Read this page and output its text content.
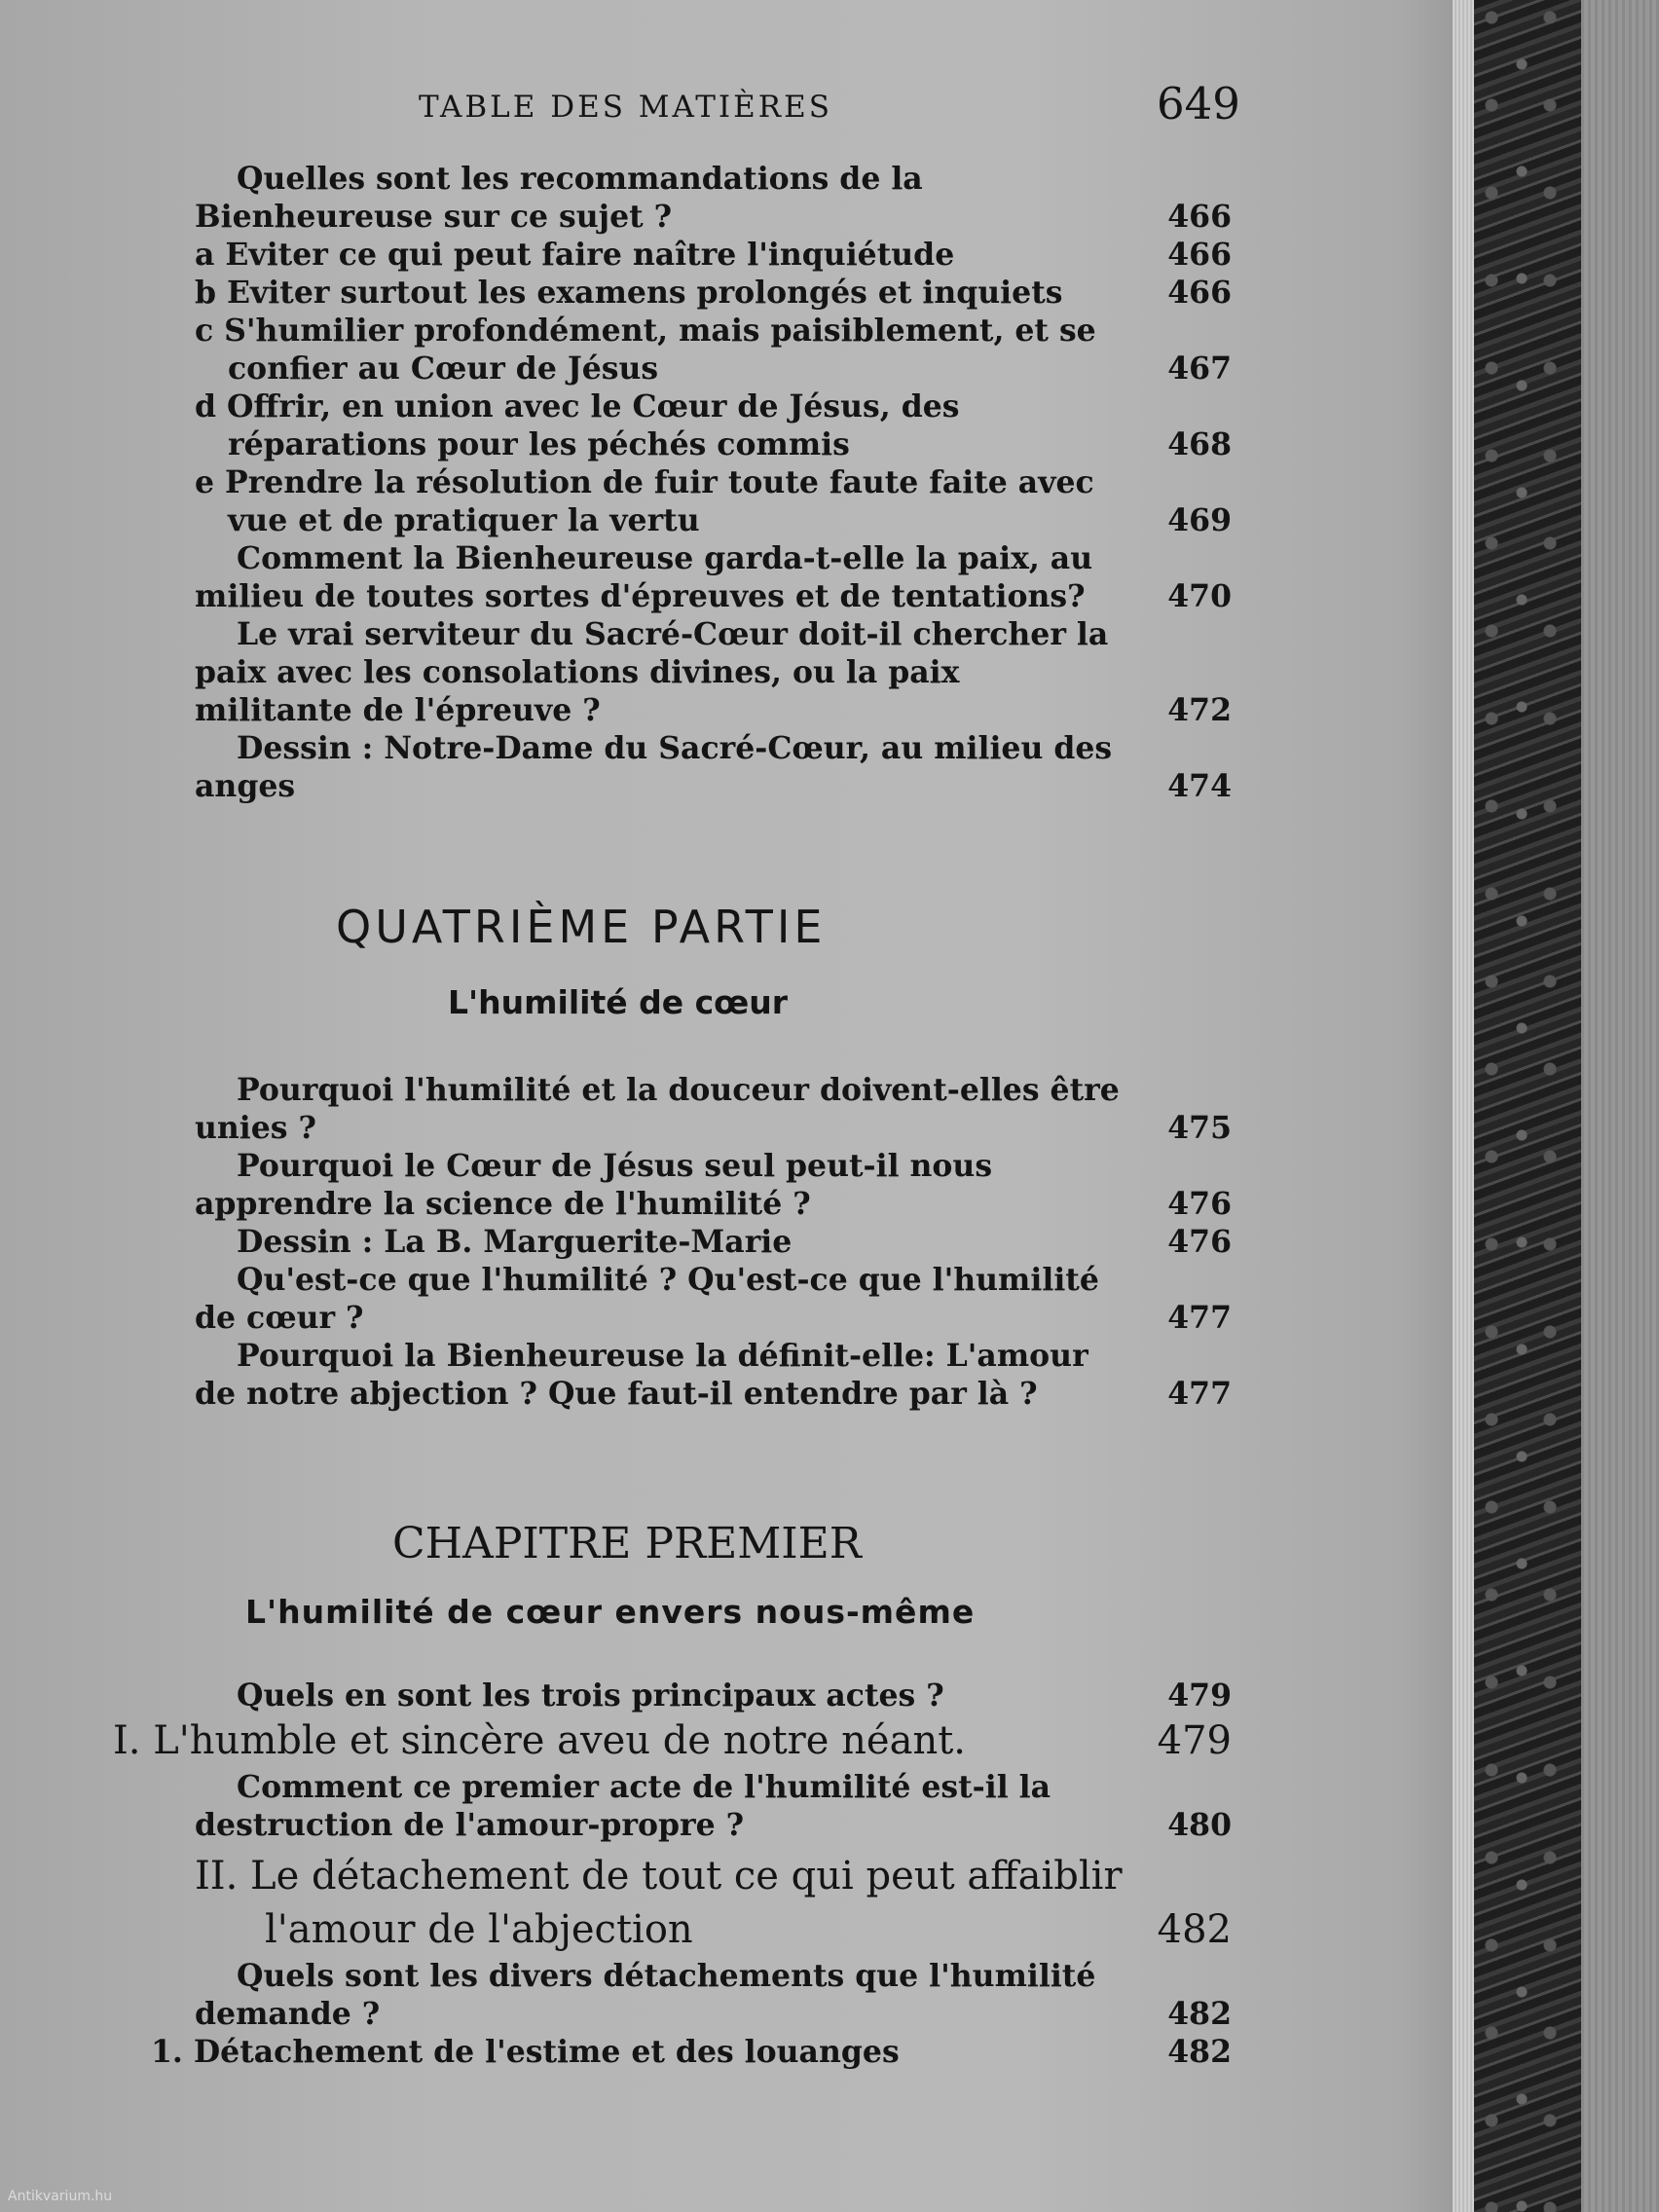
TABLE DES MATIÈRES	649
Quelles sont les recommandations de la Bienheureuse sur ce sujet ?	466
a Eviter ce qui peut faire naître l'inquiétude	466
b Eviter surtout les examens prolongés et inquiets	466
c S'humilier profondément, mais paisiblement, et se confier au Cœur de Jésus	467
d Offrir, en union avec le Cœur de Jésus, des réparations pour les péchés commis	468
e Prendre la résolution de fuir toute faute faite avec vue et de pratiquer la vertu	469
Comment la Bienheureuse garda-t-elle la paix, au milieu de toutes sortes d'épreuves et de tentations?	470
Le vrai serviteur du Sacré-Cœur doit-il chercher la paix avec les consolations divines, ou la paix militante de l'épreuve ?	472
Dessin : Notre-Dame du Sacré-Cœur, au milieu des anges	474
QUATRIÈME PARTIE
L'humilité de cœur
Pourquoi l'humilité et la douceur doivent-elles être unies ?	475
Pourquoi le Cœur de Jésus seul peut-il nous apprendre la science de l'humilité ?	476
Dessin : La B. Marguerite-Marie	476
Qu'est-ce que l'humilité ? Qu'est-ce que l'humilité de cœur ?	477
Pourquoi la Bienheureuse la définit-elle: L'amour de notre abjection ? Que faut-il entendre par là ?	477
CHAPITRE PREMIER
L'humilité de cœur envers nous-même
Quels en sont les trois principaux actes ?	479
I. L'humble et sincère aveu de notre néant.	479
Comment ce premier acte de l'humilité est-il la destruction de l'amour-propre ?	480
II. Le détachement de tout ce qui peut affaiblir l'amour de l'abjection	482
Quels sont les divers détachements que l'humilité demande ?	482
1. Détachement de l'estime et des louanges	482
Antikvarium.hu
